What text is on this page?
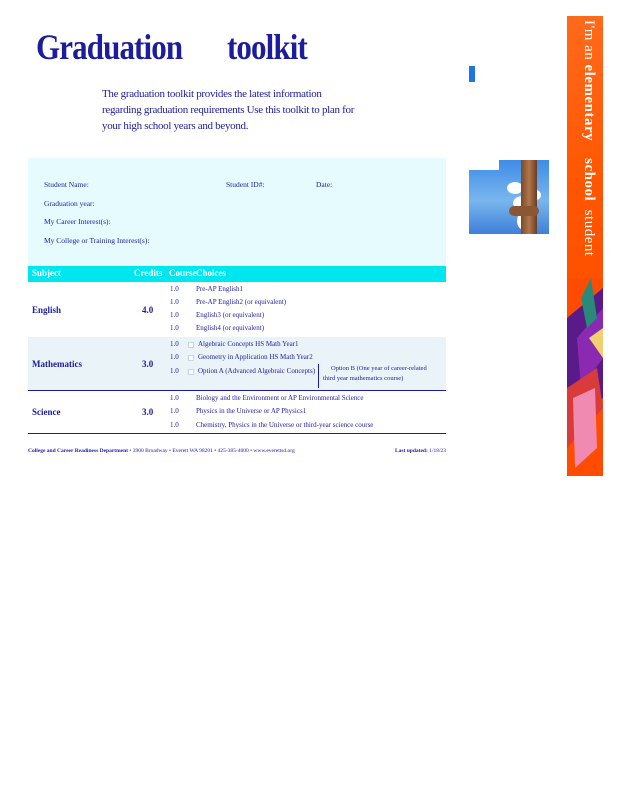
Graduation toolkit
The graduation toolkit provides the latest information regarding graduation requirements Use this toolkit to plan for your high school years and beyond.
Student Name:	Student ID#:	Date:
Graduation year:
My Career Interest(s):
My College or Training Interest(s):
Subject	Credits Course Choices
English	4.0
1.0 Pre-AP English1
1.0 Pre-AP English2 (or equivalent)
1.0 English3 (or equivalent)
1.0 English4 (or equivalent)
Mathematics	3.0
1.0	Algebraic Concepts HS Math Year1
1.0	Geometry in Application HS Math Year2
1.0	Option A (Advanced Algebraic Concepts)	Option B (One year of career-related
third year mathematics course)
Science	3.0
1.0 Biology and the Environment or AP Environmental Science
1.0 Physics in the Universe or AP Physics1
1.0 Chemistry, Physics in the Universe or third-year science course
College and Career Readiness Department • 3900 Broadway • Everett WA 98201 • 425-385-4000 • www.everettsd.org	Last updated: 1/18/23
I'm an elementary    school  student
